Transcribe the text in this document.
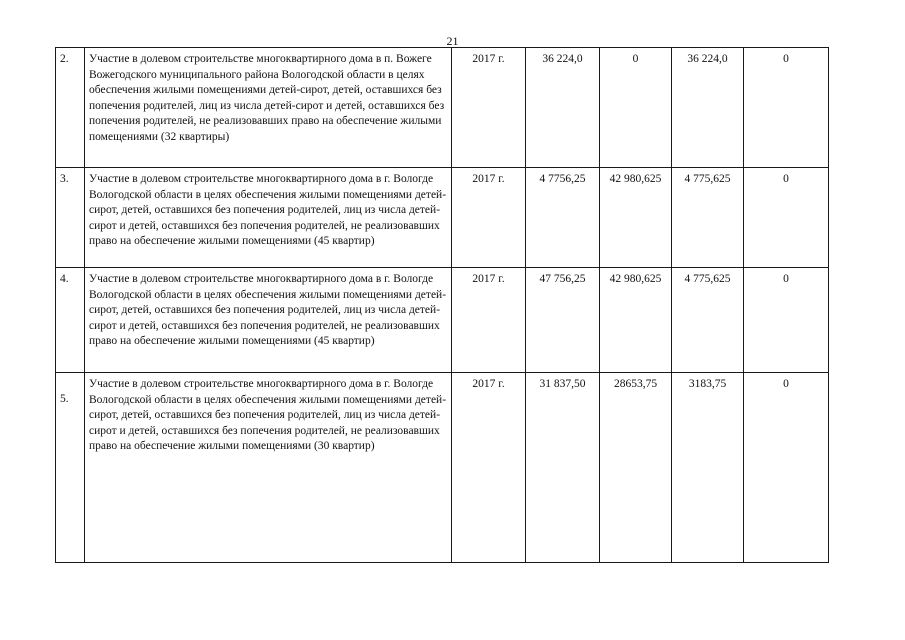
21
2.	Участие в долевом строительстве многоквартирного дома в п. Вожеге Вожегодского муниципального района Вологодской области в целях обеспечения жилыми помещениями детей-сирот, детей, оставшихся без попечения родителей, лиц из числа детей-сирот и детей, оставшихся без попечения родителей, не реализовавших право на обеспечение жилыми помещениями (32 квартиры)	2017 г.	36 224,0	0	36 224,0	0
3.	Участие в долевом строительстве многоквартирного дома в г. Вологде Вологодской области в целях обеспечения жилыми помещениями детей-сирот, детей, оставшихся без попечения родителей, лиц из числа детей-сирот и детей, оставшихся без попечения родителей, не реализовавших право на обеспечение жилыми помещениями (45 квартир)	2017 г.	4 7756,25	42 980,625	4 775,625	0
4.	Участие в долевом строительстве многоквартирного дома в г. Вологде Вологодской области в целях обеспечения жилыми помещениями детей-сирот, детей, оставшихся без попечения родителей, лиц из числа детей-сирот и детей, оставшихся без попечения родителей, не реализовавших право на обеспечение жилыми помещениями (45 квартир)	2017 г.	47 756,25	42 980,625	4 775,625	0
5.	Участие в долевом строительстве многоквартирного дома в г. Вологде Вологодской области в целях обеспечения жилыми помещениями детей-сирот, детей, оставшихся без попечения родителей, лиц из числа детей-сирот и детей, оставшихся без попечения родителей, не реализовавших право на обеспечение жилыми помещениями (30 квартир)	2017 г.	31 837,50	28653,75	3183,75	0
